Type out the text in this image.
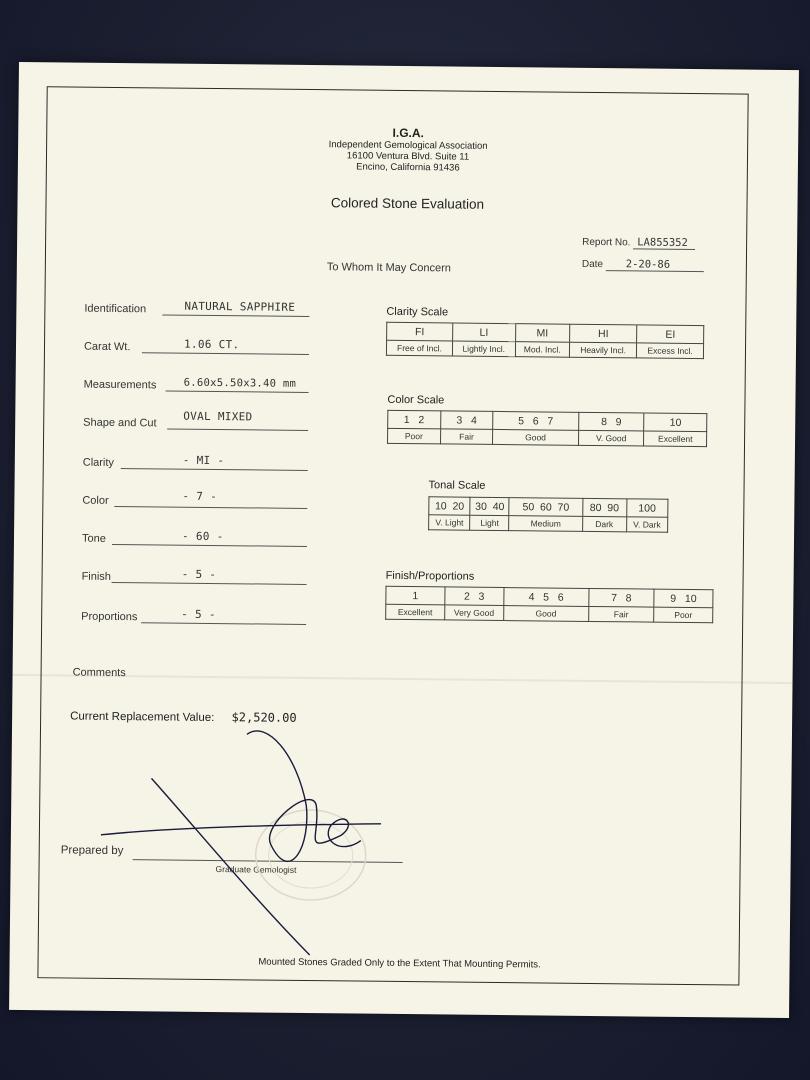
I.G.A.
Independent Gemological Association
16100 Ventura Blvd. Suite 11
Encino, California 91436
Colored Stone Evaluation
Report No. LA855352
Date 2-20-86
To Whom It May Concern
Identification	NATURAL SAPPHIRE
Carat Wt.	1.06 CT.
Measurements	6.60x5.50x3.40 mm
Shape and Cut OVAL MIXED
Clarity	- MI -
Color	- 7 -
Tone	- 60 -
Finish	- 5 -
Proportions	- 5 -
Clarity Scale
FI	LI	MI	HI	EI
Free of Incl.	Lightly Incl.	Mod. Incl.	Heavily Incl.	Excess Incl.
Color Scale
1   2	3   4	5   6   7	8   9	10
Poor	Fair	Good	V. Good	Excellent
Tonal Scale
10  20	30  40	50  60  70	80  90	100
V. Light	Light	Medium	Dark	V. Dark
Finish/Proportions
1	2   3	4   5   6	7   8	9   10
Excellent	Very Good	Good	Fair	Poor
Comments
Current Replacement Value: $2,520.00
Prepared by
Graduate Gemologist
Mounted Stones Graded Only to the Extent That Mounting Permits.
